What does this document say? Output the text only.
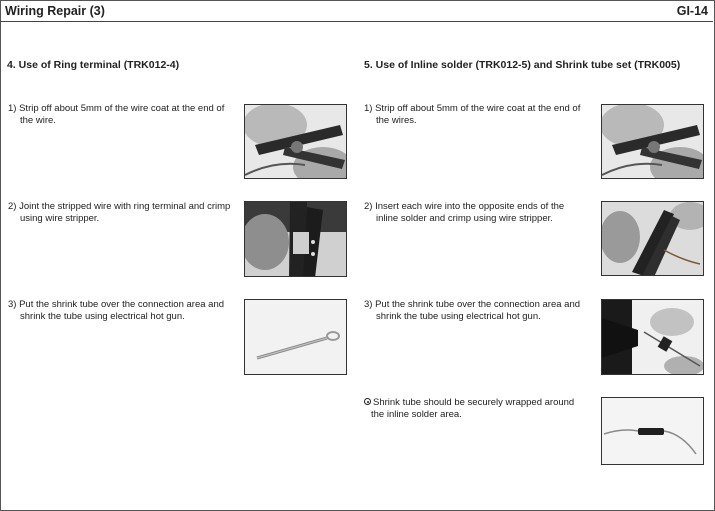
Wiring Repair (3)	GI-14
4. Use of Ring terminal (TRK012-4)
1) Strip off about 5mm of the wire coat at the end of
the wire.
2) Joint the stripped wire with ring terminal and crimp
using wire stripper.
3) Put the shrink tube over the connection area and
shrink the tube using electrical hot gun.
5. Use of Inline solder (TRK012-5) and Shrink tube set (TRK005)
1) Strip off about 5mm of the wire coat at the end of
the wires.
2) Insert each wire into the opposite ends of the
inline solder and crimp using wire stripper.
3) Put the shrink tube over the connection area and
shrink the tube using electrical hot gun.
Shrink tube should be securely wrapped around
the inline solder area.
